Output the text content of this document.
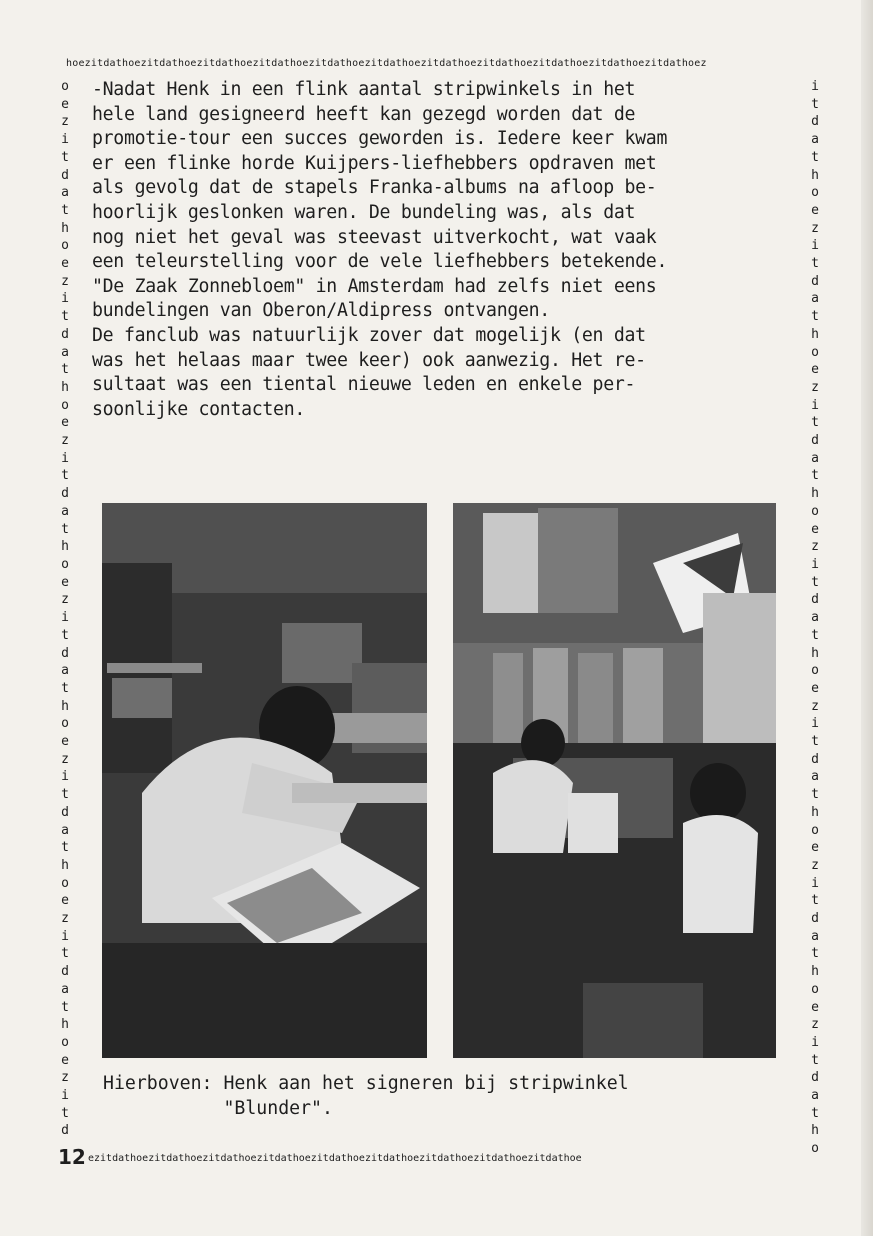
hoezitdathoezitdathoezitdathoezitdathoezitdathoezitdathoezitdathoezitdathoezitdathoezitdathoezitdathoez
oezitdathoezitdathoezitdathoezitdathoezitdathoezitdathoezitd
itdathoezitdathoezitdathoezitdathoezitdathoezitdathoezitdatho
ezitdathoezitdathoezitdathoezitdathoezitdathoezitdathoezitdathoezitdathoezitdathoe
12
-Nadat Henk in een flink aantal stripwinkels in het
hele land gesigneerd heeft kan gezegd worden dat de
promotie-tour een succes geworden is. Iedere keer kwam
er een flinke horde Kuijpers-liefhebbers opdraven met
als gevolg dat de stapels Franka-albums na afloop be-
hoorlijk geslonken waren. De bundeling was, als dat
nog niet het geval was steevast uitverkocht, wat vaak
een teleurstelling voor de vele liefhebbers betekende.
"De Zaak Zonnebloem" in Amsterdam had zelfs niet eens
bundelingen van Oberon/Aldipress ontvangen.
De fanclub was natuurlijk zover dat mogelijk (en dat
was het helaas maar twee keer) ook aanwezig. Het re-
sultaat was een tiental nieuwe leden en enkele per-
soonlijke contacten.
Hierboven: Henk aan het signeren bij stripwinkel
"Blunder".
